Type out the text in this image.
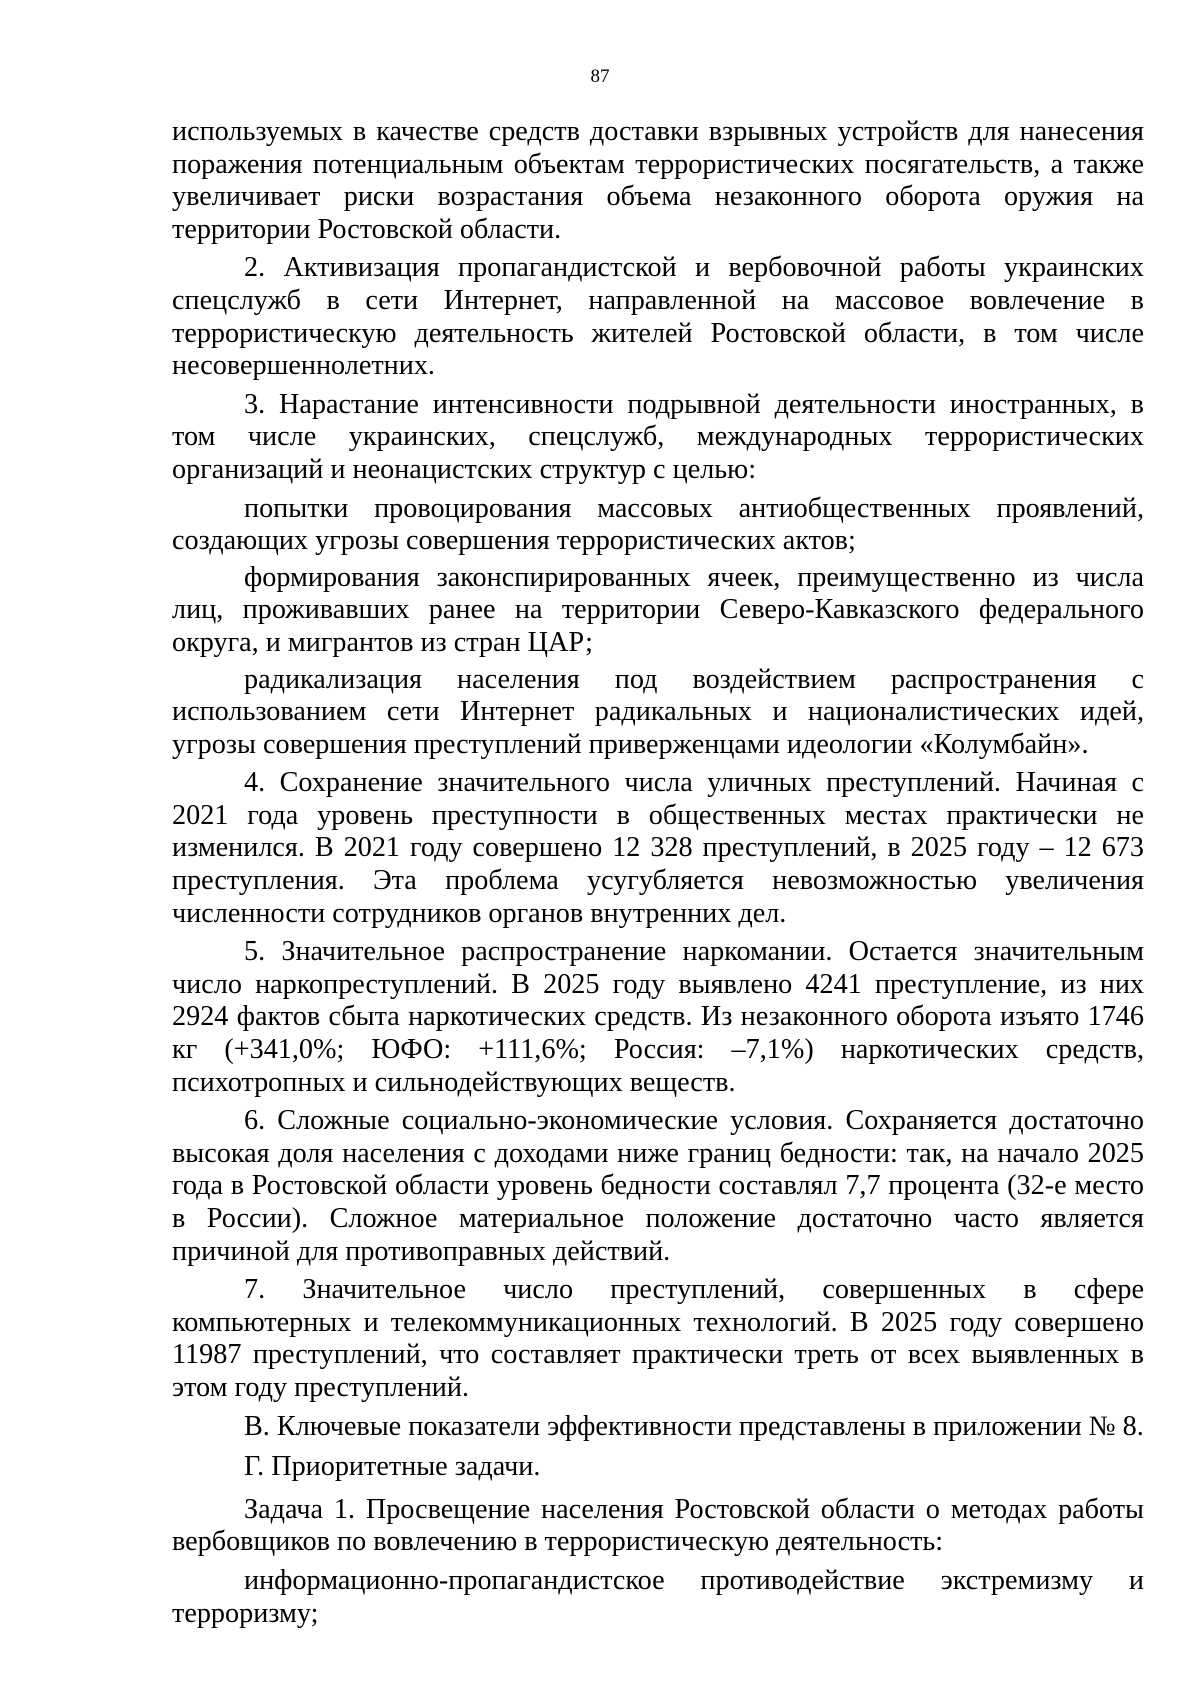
87

используемых в качестве средств доставки взрывных устройств для нанесения поражения потенциальным объектам террористических посягательств, а также увеличивает риски возрастания объема незаконного оборота оружия на территории Ростовской области.

2. Активизация пропагандистской и вербовочной работы украинских спецслужб в сети Интернет, направленной на массовое вовлечение в террористическую деятельность жителей Ростовской области, в том числе несовершеннолетних.

3. Нарастание интенсивности подрывной деятельности иностранных, в том числе украинских, спецслужб, международных террористических организаций и неонацистских структур с целью:

попытки провоцирования массовых антиобщественных проявлений, создающих угрозы совершения террористических актов;

формирования законспирированных ячеек, преимущественно из числа лиц, проживавших ранее на территории Северо-Кавказского федерального округа, и мигрантов из стран ЦАР;

радикализация населения под воздействием распространения с использованием сети Интернет радикальных и националистических идей, угрозы совершения преступлений приверженцами идеологии «Колумбайн».

4. Сохранение значительного числа уличных преступлений. Начиная с 2021 года уровень преступности в общественных местах практически не изменился. В 2021 году совершено 12 328 преступлений, в 2025 году – 12 673 преступления. Эта проблема усугубляется невозможностью увеличения численности сотрудников органов внутренних дел.

5. Значительное распространение наркомании. Остается значительным число наркопреступлений. В 2025 году выявлено 4241 преступление, из них 2924 фактов сбыта наркотических средств. Из незаконного оборота изъято 1746 кг (+341,0%; ЮФО: +111,6%; Россия: –7,1%) наркотических средств, психотропных и сильнодействующих веществ.

6. Сложные социально-экономические условия. Сохраняется достаточно высокая доля населения с доходами ниже границ бедности: так, на начало 2025 года в Ростовской области уровень бедности составлял 7,7 процента (32-е место в России). Сложное материальное положение достаточно часто является причиной для противоправных действий.

7. Значительное число преступлений, совершенных в сфере компьютерных и телекоммуникационных технологий. В 2025 году совершено 11987 преступлений, что составляет практически треть от всех выявленных в этом году преступлений.

В. Ключевые показатели эффективности представлены в приложении № 8.

Г. Приоритетные задачи.

Задача 1. Просвещение населения Ростовской области о методах работы вербовщиков по вовлечению в террористическую деятельность:

информационно-пропагандистское противодействие экстремизму и терроризму;
